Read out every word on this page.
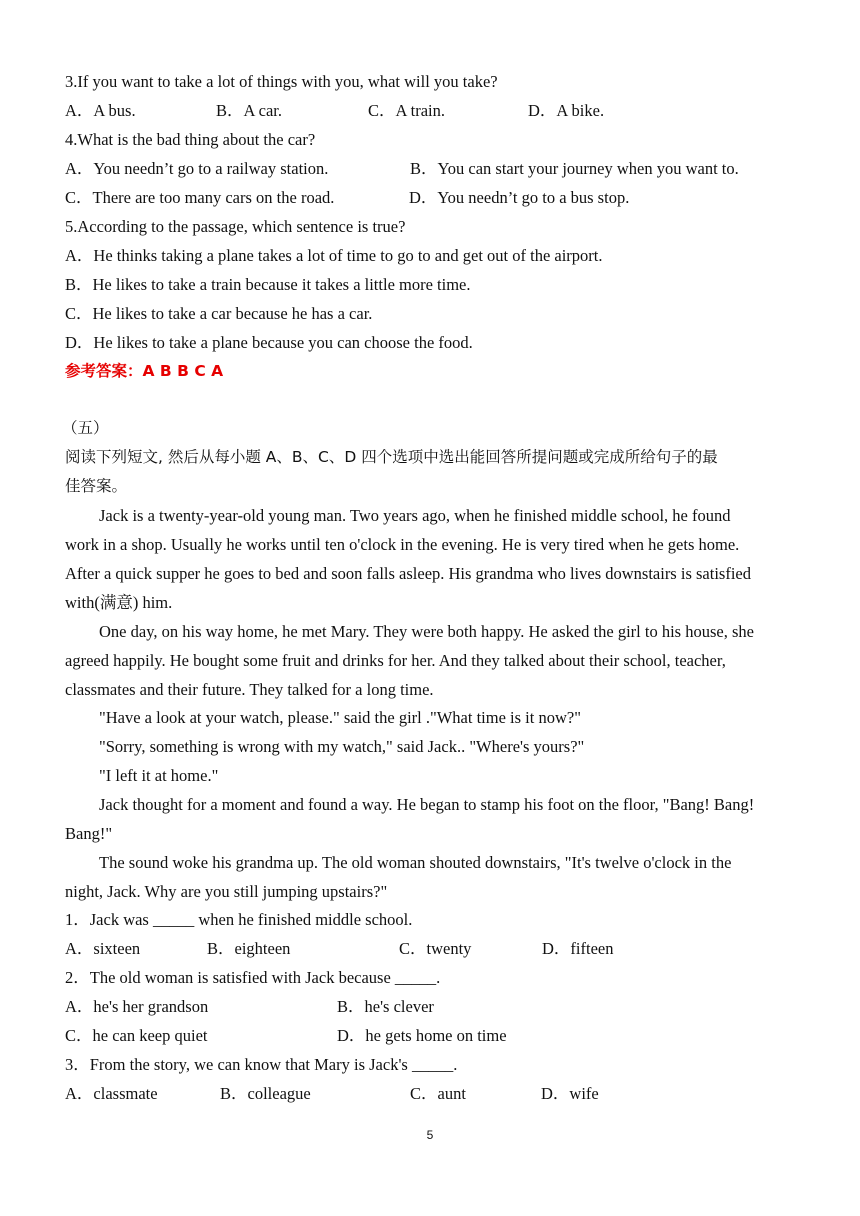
3.If you want to take a lot of things with you, what will you take?
A．A bus.	B．A car.	C．A train.	D．A bike.
4.What is the bad thing about the car?
A．You needn’t go to a railway station.	B．You can start your journey when you want to.
C．There are too many cars on the road.	D．You needn’t go to a bus stop.
5.According to the passage, which sentence is true?
A．He thinks taking a plane takes a lot of time to go to and get out of the airport.
B．He likes to take a train because it takes a little more time.
C．He likes to take a car because he has a car.
D．He likes to take a plane because you can choose the food.
参考答案：A B B C A
（五）
阅读下列短文, 然后从每小题 A、B、C、D 四个选项中选出能回答所提问题或完成所给句子的最
佳答案。
Jack is a twenty-year-old young man. Two years ago, when he finished middle school, he found
work in a shop. Usually he works until ten o'clock in the evening. He is very tired when he gets home.
After a quick supper he goes to bed and soon falls asleep. His grandma who lives downstairs is satisfied
with(满意) him.
One day, on his way home, he met Mary. They were both happy. He asked the girl to his house, she
agreed happily. He bought some fruit and drinks for her. And they talked about their school, teacher,
classmates and their future. They talked for a long time.
"Have a look at your watch, please." said the girl ."What time is it now?"
"Sorry, something is wrong with my watch," said Jack.. "Where's yours?"
"I left it at home."
Jack thought for a moment and found a way. He began to stamp his foot on the floor, "Bang! Bang!
Bang!"
The sound woke his grandma up. The old woman shouted downstairs, "It's twelve o'clock in the
night, Jack. Why are you still jumping upstairs?"
1．Jack was _____ when he finished middle school.
A．sixteen	B．eighteen	C．twenty	D．fifteen
2．The old woman is satisfied with Jack because _____.
A．he's her grandson	B．he's clever
C．he can keep quiet	D．he gets home on time
3．From the story, we can know that Mary is Jack's _____.
A．classmate	B．colleague	C．aunt	D．wife
5
